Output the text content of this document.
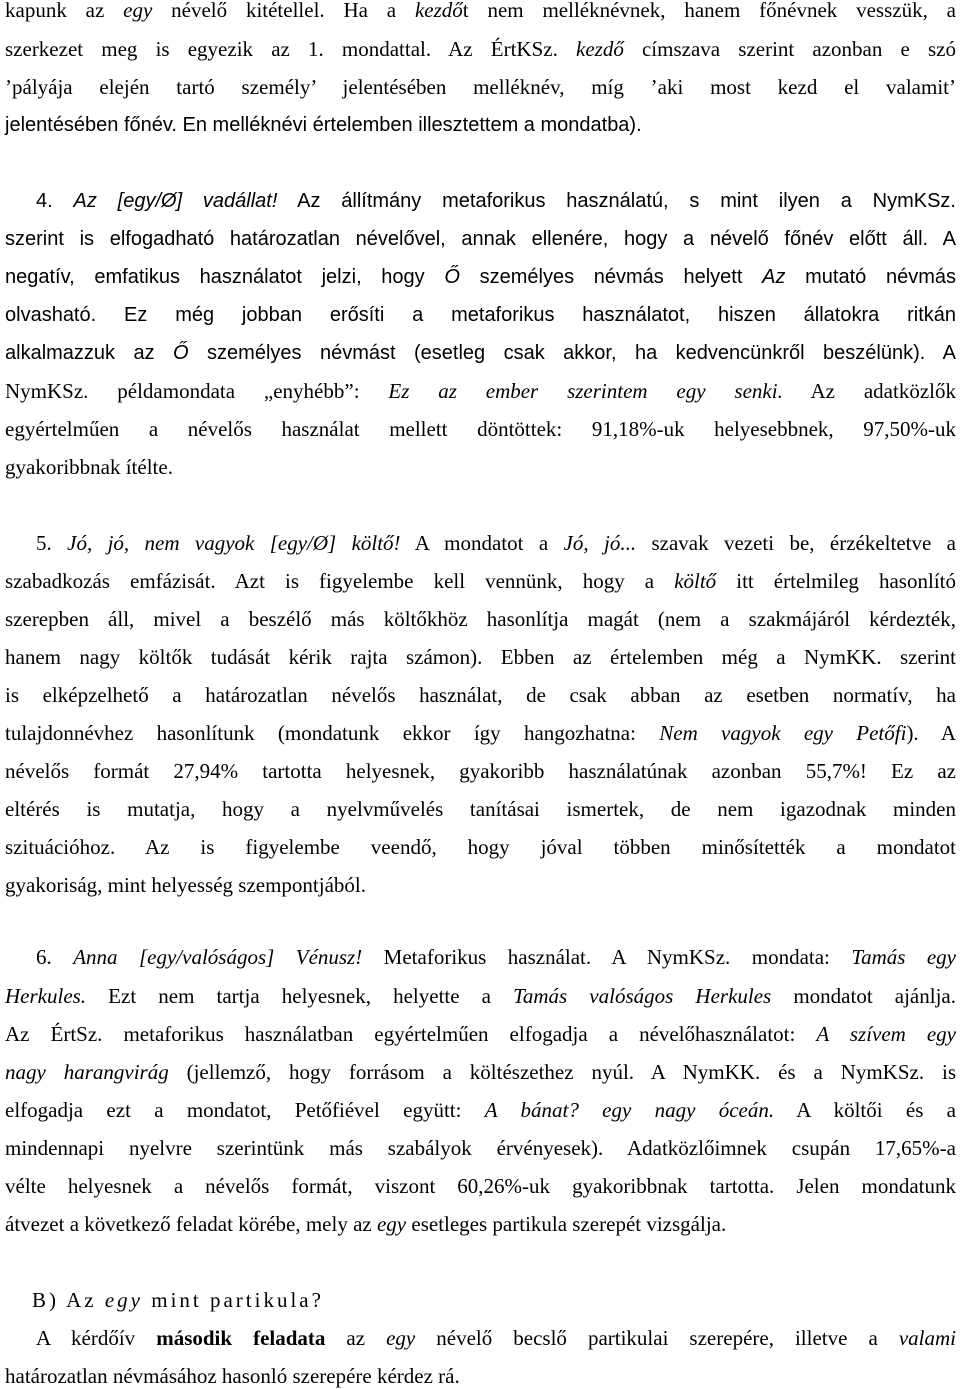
kapunk az egy névelő kitétellel. Ha a kezdőt nem melléknévnek, hanem főnévnek vesszük, a
szerkezet meg is egyezik az 1. mondattal. Az ÉrtKSz. kezdő címszava szerint azonban e szó
’pályája elején tartó személy’ jelentésében melléknév, míg ’aki most kezd el valamit’
jelentésében főnév. En melléknévi értelemben illesztettem a mondatba).
4. Az [egy/Ø] vadállat! Az állítmány metaforikus használatú, s mint ilyen a NymKSz.
szerint is elfogadható határozatlan névelővel, annak ellenére, hogy a névelő főnév előtt áll. A
negatív, emfatikus használatot jelzi, hogy Ő személyes névmás helyett Az mutató névmás
olvasható. Ez még jobban erősíti a metaforikus használatot, hiszen állatokra ritkán
alkalmazzuk az Ő személyes névmást (esetleg csak akkor, ha kedvencünkről beszélünk). A
NymKSz. példamondata „enyhébb”: Ez az ember szerintem egy senki. Az adatközlők
egyértelműen a névelős használat mellett döntöttek: 91,18%-uk helyesebbnek, 97,50%-uk
gyakoribbnak ítélte.
5. Jó, jó, nem vagyok [egy/Ø] költő! A mondatot a Jó, jó... szavak vezeti be, érzékeltetve a
szabadkozás emfázisát. Azt is figyelembe kell vennünk, hogy a költő itt értelmileg hasonlító
szerepben áll, mivel a beszélő más költőkhöz hasonlítja magát (nem a szakmájáról kérdezték,
hanem nagy költők tudását kérik rajta számon). Ebben az értelemben még a NymKK. szerint
is elképzelhető a határozatlan névelős használat, de csak abban az esetben normatív, ha
tulajdonnévhez hasonlítunk (mondatunk ekkor így hangozhatna: Nem vagyok egy Petőfi). A
névelős formát 27,94% tartotta helyesnek, gyakoribb használatúnak azonban 55,7%! Ez az
eltérés is mutatja, hogy a nyelvművelés tanításai ismertek, de nem igazodnak minden
szituációhoz. Az is figyelembe veendő, hogy jóval többen minősítették a mondatot
gyakoriság, mint helyesség szempontjából.
6. Anna [egy/valóságos] Vénusz! Metaforikus használat. A NymKSz. mondata: Tamás egy
Herkules. Ezt nem tartja helyesnek, helyette a Tamás valóságos Herkules mondatot ajánlja.
Az ÉrtSz. metaforikus használatban egyértelműen elfogadja a névelőhasználatot: A szívem egy
nagy harangvirág (jellemző, hogy forrásom a költészethez nyúl. A NymKK. és a NymKSz. is
elfogadja ezt a mondatot, Petőfiével együtt: A bánat? egy nagy óceán. A költői és a
mindennapi nyelvre szerintünk más szabályok érvényesek). Adatközlőimnek csupán 17,65%-a
vélte helyesnek a névelős formát, viszont 60,26%-uk gyakoribbnak tartotta. Jelen mondatunk
átvezet a következő feladat körébe, mely az egy esetleges partikula szerepét vizsgálja.
B) Az egy mint partikula?
A kérdőív második feladata az egy névelő becslő partikulai szerepére, illetve a valami
határozatlan névmásához hasonló szerepére kérdez rá.
